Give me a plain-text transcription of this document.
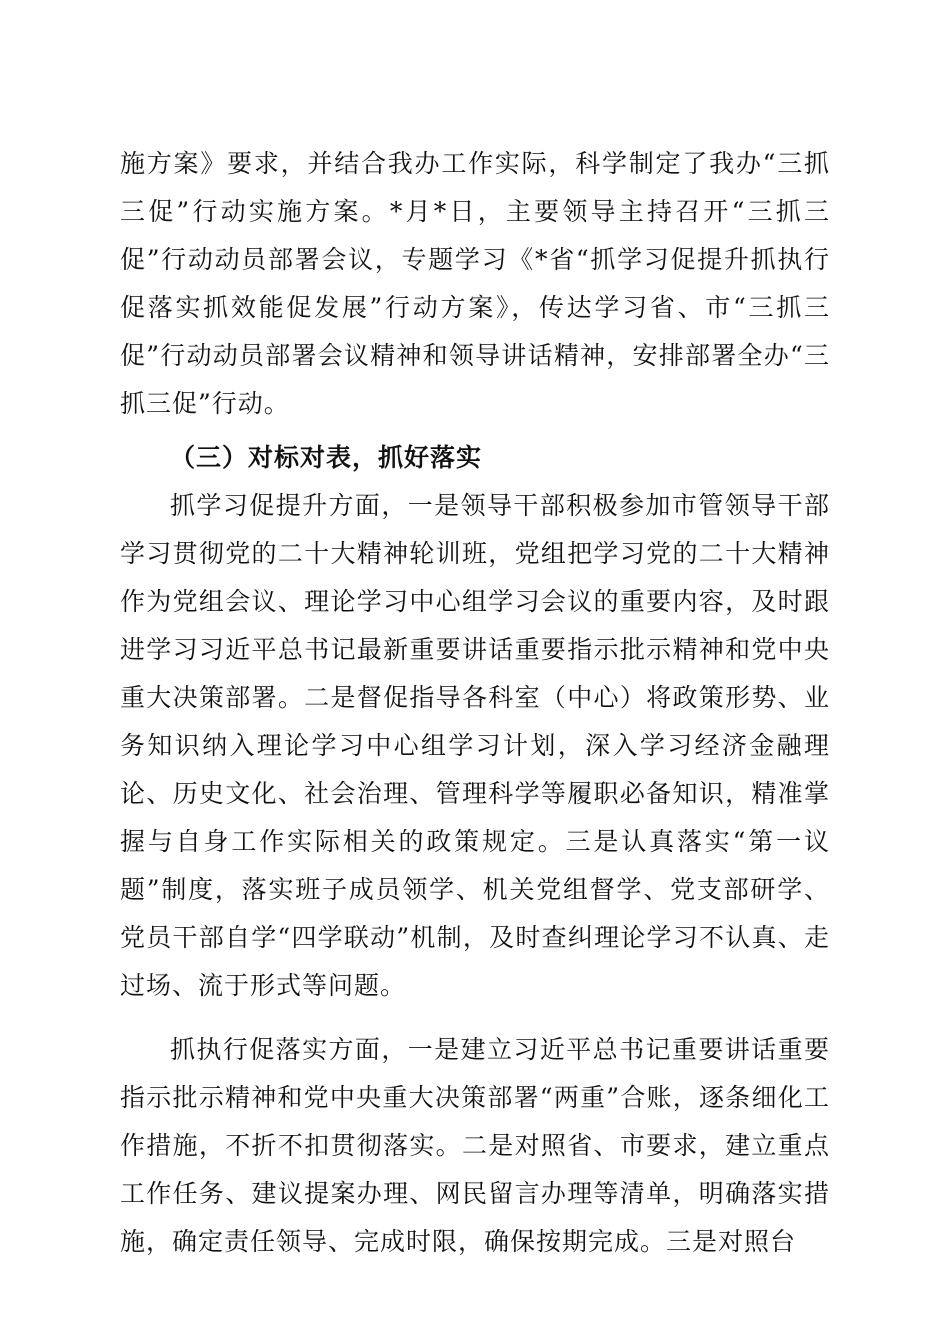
施方案》要求，并结合我办工作实际，科学制定了我办“三抓三促”行动实施方案。*月*日，主要领导主持召开“三抓三促”行动动员部署会议，专题学习《*省“抓学习促提升抓执行促落实抓效能促发展”行动方案》，传达学习省、市“三抓三促”行动动员部署会议精神和领导讲话精神，安排部署全办“三抓三促”行动。

（三）对标对表，抓好落实

抓学习促提升方面，一是领导干部积极参加市管领导干部学习贯彻党的二十大精神轮训班，党组把学习党的二十大精神作为党组会议、理论学习中心组学习会议的重要内容，及时跟进学习习近平总书记最新重要讲话重要指示批示精神和党中央重大决策部署。二是督促指导各科室（中心）将政策形势、业务知识纳入理论学习中心组学习计划，深入学习经济金融理论、历史文化、社会治理、管理科学等履职必备知识，精准掌握与自身工作实际相关的政策规定。三是认真落实“第一议题”制度，落实班子成员领学、机关党组督学、党支部研学、党员干部自学“四学联动”机制，及时查纠理论学习不认真、走过场、流于形式等问题。

抓执行促落实方面，一是建立习近平总书记重要讲话重要指示批示精神和党中央重大决策部署“两重”合账，逐条细化工作措施，不折不扣贯彻落实。二是对照省、市要求，建立重点工作任务、建议提案办理、网民留言办理等清单，明确落实措施，确定责任领导、完成时限，确保按期完成。三是对照台
